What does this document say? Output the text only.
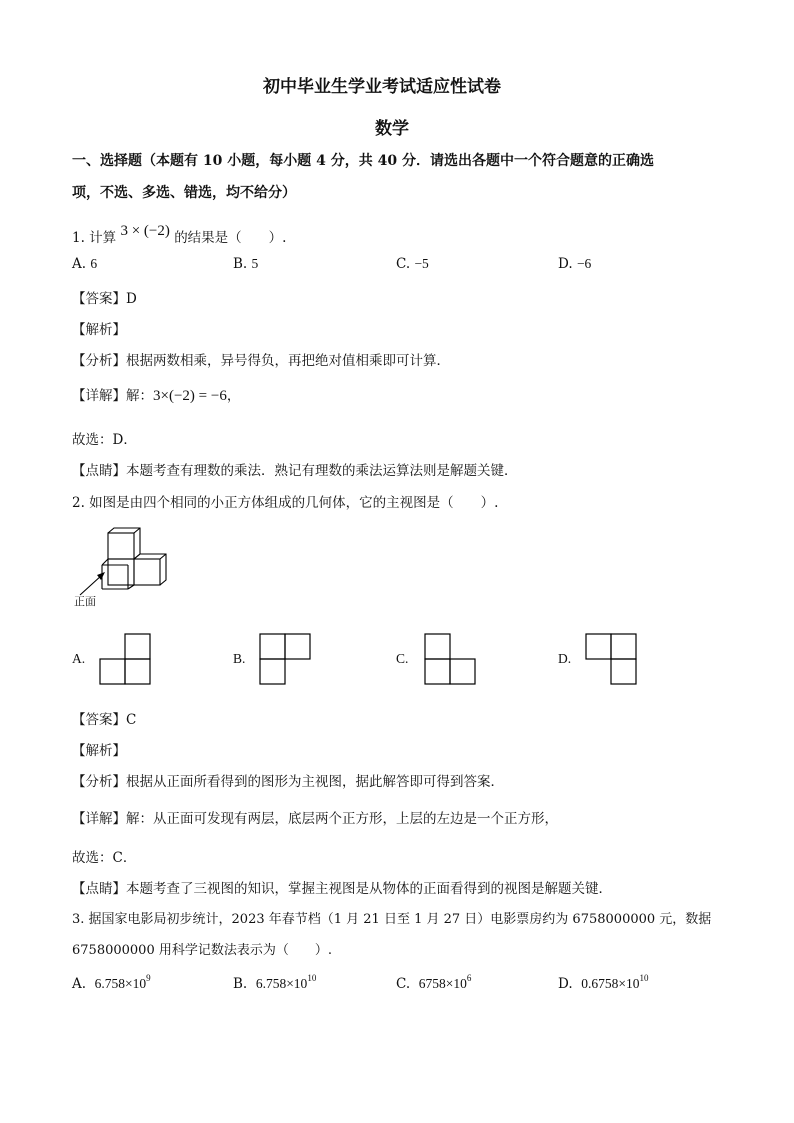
初中毕业生学业考试适应性试卷
数学
一、选择题（本题有 10 小题，每小题 4 分，共 40 分．请选出各题中一个符合题意的正确选
项，不选、多选、错选，均不给分）
1. 计算 3 × (−2) 的结果是（　　）.
A. 6	B. 5	C. −5	D. −6
【答案】D
【解析】
【分析】根据两数相乘，异号得负，再把绝对值相乘即可计算．
【详解】解：3×(−2) = −6，
故选：D．
【点睛】本题考查有理数的乘法．熟记有理数的乘法运算法则是解题关键．
2. 如图是由四个相同的小正方体组成的几何体，它的主视图是（　　）.
正面
A.	B.	C.	D.
【答案】C
【解析】
【分析】根据从正面所看得到的图形为主视图，据此解答即可得到答案．
【详解】解：从正面可发现有两层，底层两个正方形，上层的左边是一个正方形，
故选：C．
【点睛】本题考查了三视图的知识，掌握主视图是从物体的正面看得到的视图是解题关键．
3. 据国家电影局初步统计，2023 年春节档（1 月 21 日至 1 月 27 日）电影票房约为 6758000000 元，数据
6758000000 用科学记数法表示为（　　）.
A. $6.758\times 10^9$	B. $6.758\times 10^{10}$	C. $6758\times 10^6$	D. $0.6758\times 10^{10}$
